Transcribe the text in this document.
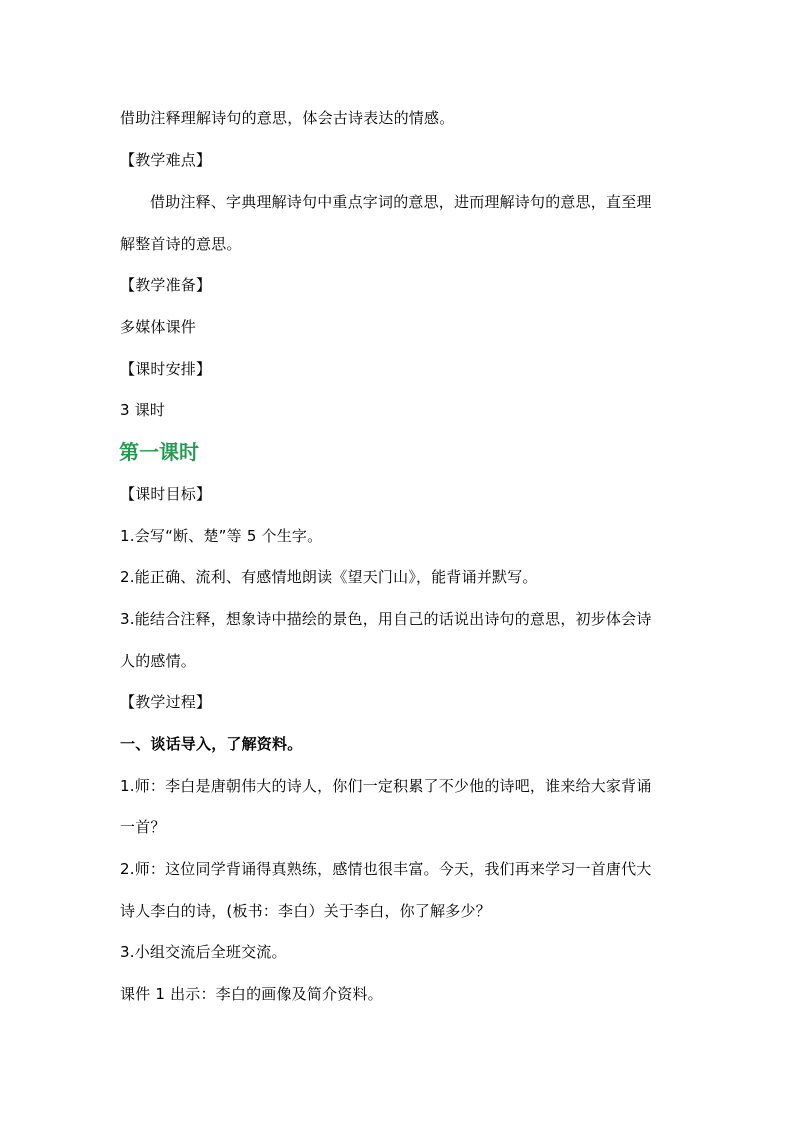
借助注释理解诗句的意思，体会古诗表达的情感。
【教学难点】
借助注释、字典理解诗句中重点字词的意思，进而理解诗句的意思，直至理
解整首诗的意思。
【教学准备】
多媒体课件
【课时安排】
3 课时
第一课时
【课时目标】
1.会写“断、楚”等 5 个生字。
2.能正确、流利、有感情地朗读《望天门山》，能背诵并默写。
3.能结合注释，想象诗中描绘的景色，用自己的话说出诗句的意思，初步体会诗
人的感情。
【教学过程】
一、谈话导入，了解资料。
1.师：李白是唐朝伟大的诗人，你们一定积累了不少他的诗吧，谁来给大家背诵
一首？
2.师：这位同学背诵得真熟练，感情也很丰富。今天，我们再来学习一首唐代大
诗人李白的诗，(板书：李白）关于李白，你了解多少？
3.小组交流后全班交流。
课件 1 出示：李白的画像及简介资料。
